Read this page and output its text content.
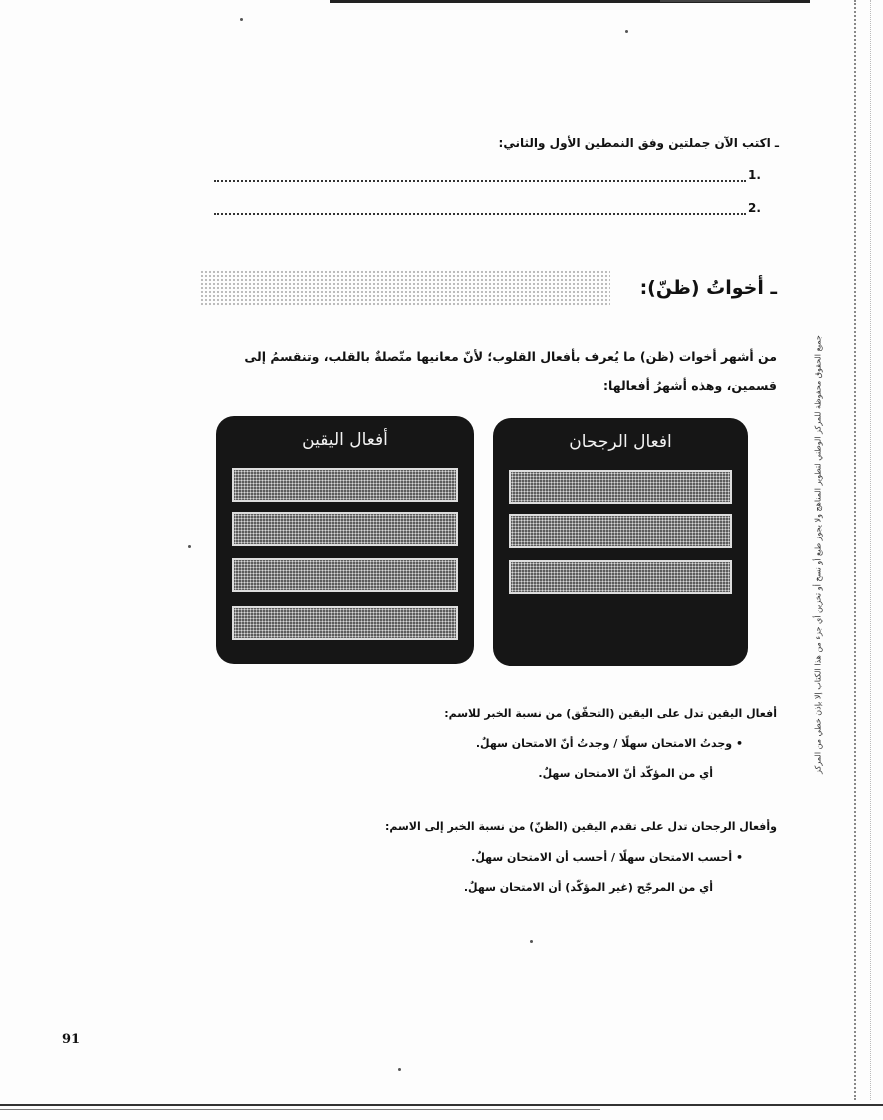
جميع الحقوق محفوظة للمركز الوطني لتطوير المناهج ولا يجوز طبع أو نسخ أو تخزين أي جزء من هذا الكتاب إلا بإذن خطي من المركز
ـ اكتب الآن جملتين وفق النمطين الأول والثاني:
1.
2.
ـ أخواتُ (ظنّ):
من أشهر أخوات (ظن) ما يُعرف بأفعال القلوب؛ لأنّ معانيها متّصلةٌ بالقلب، وتنقسمُ إلى قسمين، وهذه أشهرُ أفعالها:
أفعال اليقين	افعال الرجحان
أفعال اليقين تدل على اليقين (التحقّق) من نسبة الخبر للاسم:
• وجدتُ الامتحان سهلًا / وجدتُ أنّ الامتحان سهلٌ.
أي من المؤكّد أنّ الامتحان سهلٌ.
وأفعال الرجحان تدل على تقدم اليقين (الظنّ) من نسبة الخبر إلى الاسم:
• أحسب الامتحان سهلًا / أحسب أن الامتحان سهلٌ.
أي من المرجّح (غير المؤكّد) أن الامتحان سهلٌ.
91
